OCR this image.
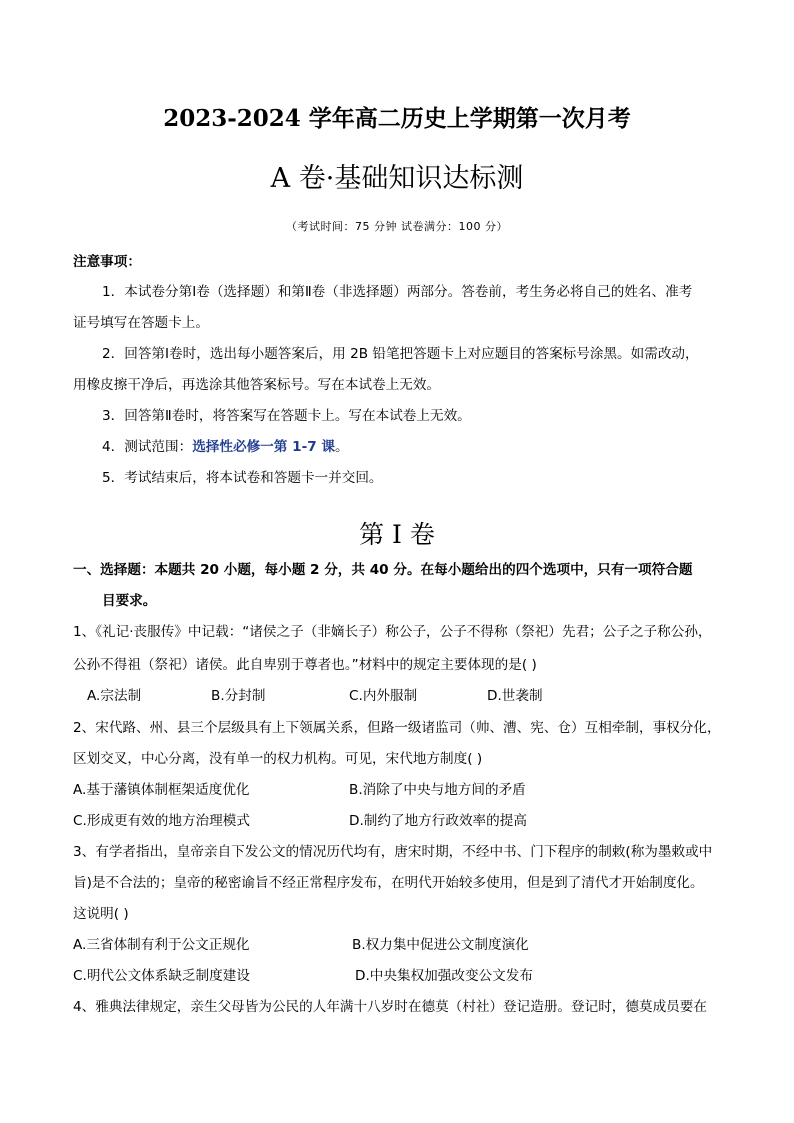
2023-2024 学年高二历史上学期第一次月考
A 卷·基础知识达标测
（考试时间：75 分钟 试卷满分：100 分）
注意事项：
1．本试卷分第Ⅰ卷（选择题）和第Ⅱ卷（非选择题）两部分。答卷前，考生务必将自己的姓名、准考
证号填写在答题卡上。
2．回答第Ⅰ卷时，选出每小题答案后，用 2B 铅笔把答题卡上对应题目的答案标号涂黑。如需改动，
用橡皮擦干净后，再选涂其他答案标号。写在本试卷上无效。
3．回答第Ⅱ卷时，将答案写在答题卡上。写在本试卷上无效。
4．测试范围：选择性必修一第 1-7 课。
5．考试结束后，将本试卷和答题卡一并交回。
第 I 卷
一、选择题：本题共 20 小题，每小题 2 分，共 40 分。在每小题给出的四个选项中，只有一项符合题
目要求。
1、《礼记·丧服传》中记载：“诸侯之子（非嫡长子）称公子，公子不得称（祭祀）先君；公子之子称公孙，
公孙不得祖（祭祀）诸侯。此自卑别于尊者也。”材料中的规定主要体现的是( )
A.宗法制	B.分封制	C.内外服制	D.世袭制
2、宋代路、州、县三个层级具有上下领属关系，但路一级诸监司（帅、漕、宪、仓）互相牵制，事权分化，
区划交叉，中心分离，没有单一的权力机构。可见，宋代地方制度( )
A.基于藩镇体制框架适度优化	B.消除了中央与地方间的矛盾
C.形成更有效的地方治理模式	D.制约了地方行政效率的提高
3、有学者指出，皇帝亲自下发公文的情况历代均有，唐宋时期，不经中书、门下程序的制敕(称为墨敕或中
旨)是不合法的；皇帝的秘密谕旨不经正常程序发布，在明代开始较多使用，但是到了清代才开始制度化。
这说明( )
A.三省体制有利于公文正规化	B.权力集中促进公文制度演化
C.明代公文体系缺乏制度建设	D.中央集权加强改变公文发布
4、雅典法律规定，亲生父母皆为公民的人年满十八岁时在德莫（村社）登记造册。登记时，德莫成员要在
